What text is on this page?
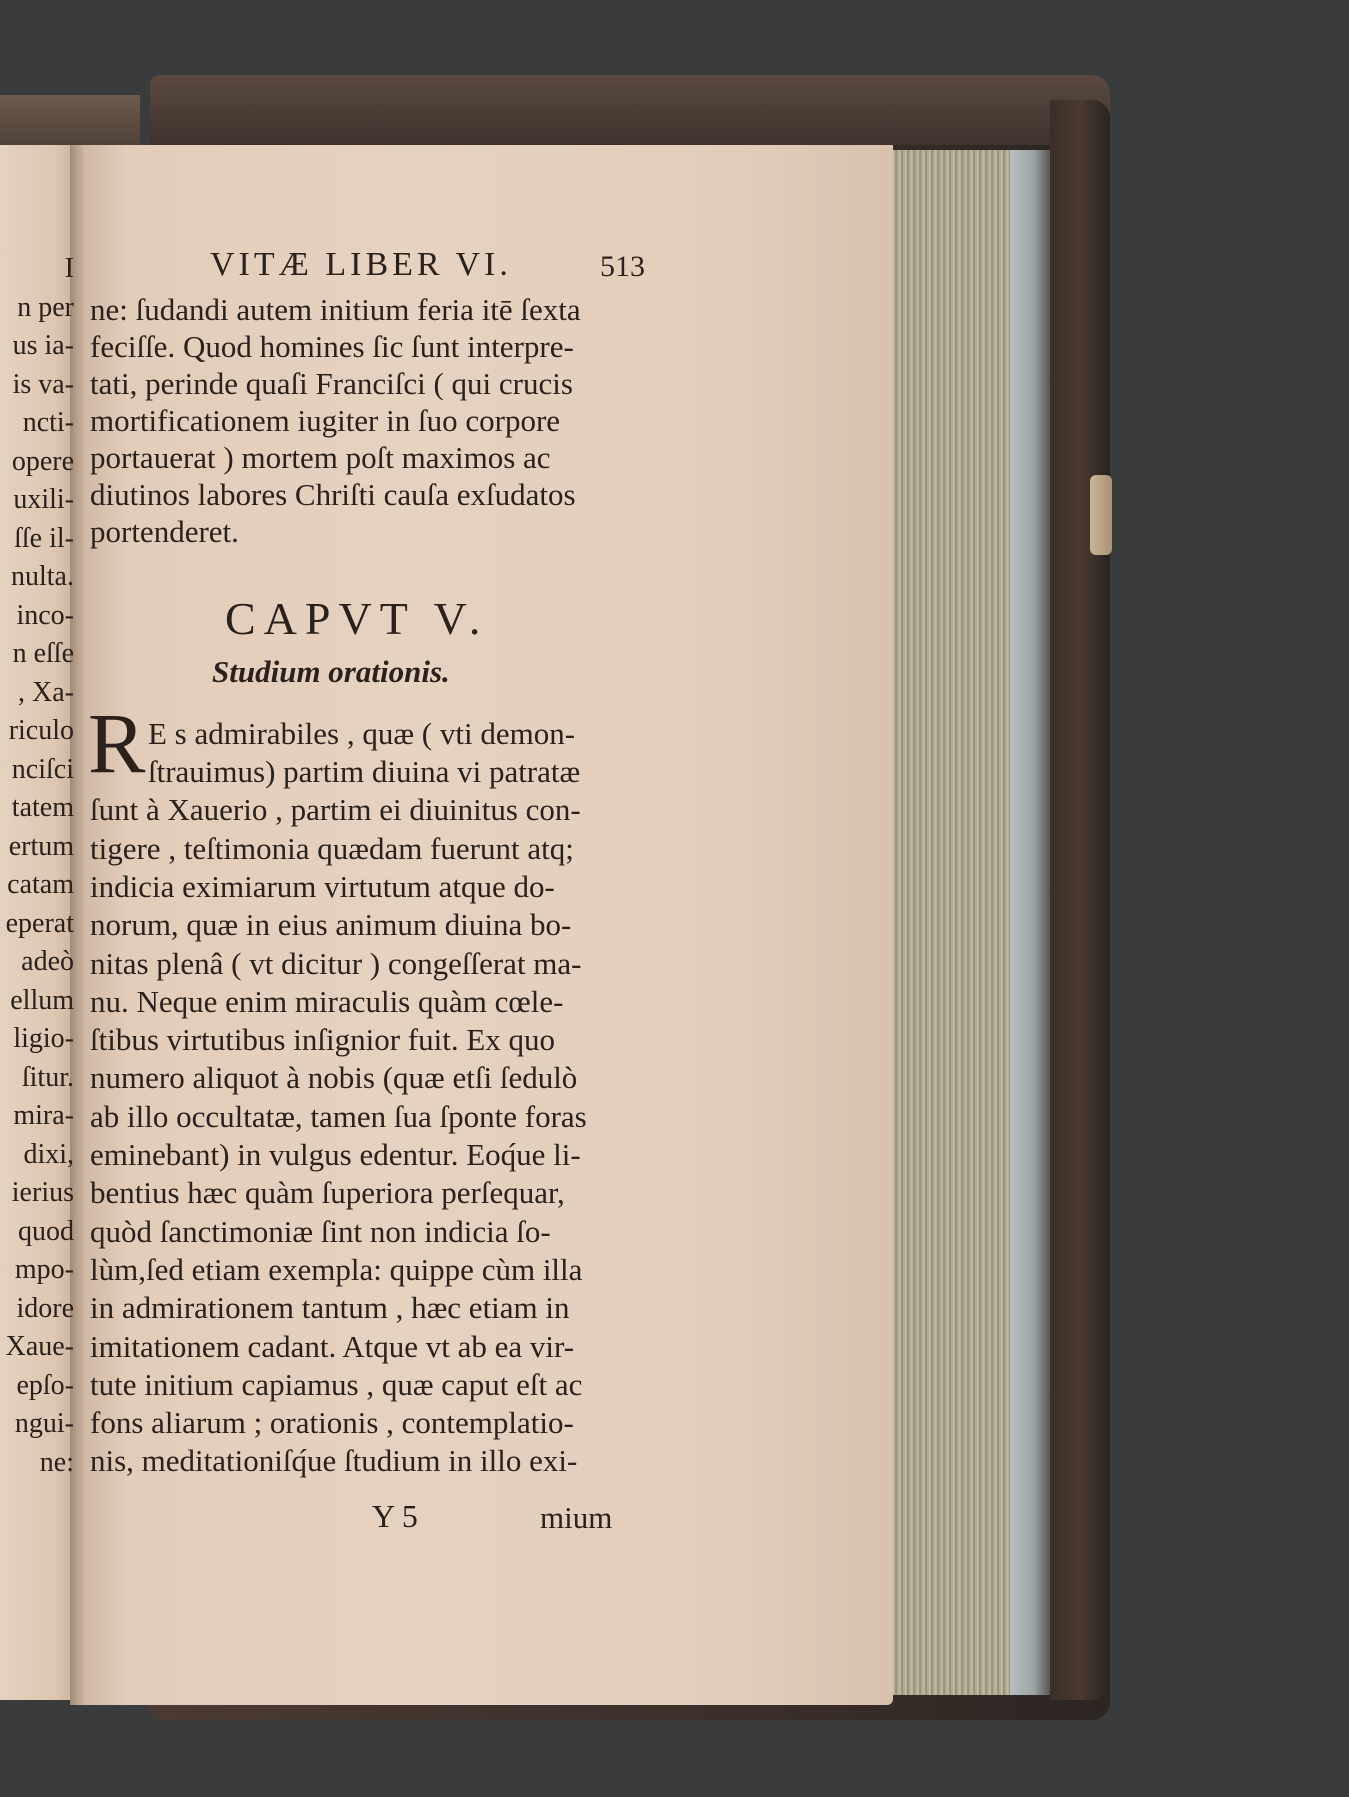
I
n per
us ia-
is va-
ncti-
opere
uxili-
ſſe il-
nulta.
inco-
n eſſe
, Xa-
riculo
nciſci
tatem
ertum
catam
eperat
adeò
ellum
ligio-
ſitur.
mira-
dixi,
ierius
quod
mpo-
idore
Xaue-
epſo-
ngui-
ne:
VITÆ LIBER VI.	513
ne: ſudandi autem initium feria itē ſexta
feciſſe. Quod homines ſic ſunt interpre-
tati, perinde quaſi Franciſci ( qui crucis
mortificationem iugiter in ſuo corpore
portauerat ) mortem poſt maximos ac
diutinos labores Chriſti cauſa exſudatos
portenderet.
CAPVT V.
Studium orationis.
R E s admirabiles , quæ ( vti demon-
ſtrauimus) partim diuina vi patratæ
ſunt à Xauerio , partim ei diuinitus con-
tigere , teſtimonia quædam fuerunt atq;
indicia eximiarum virtutum atque do-
norum, quæ in eius animum diuina bo-
nitas plenâ ( vt dicitur ) congeſſerat ma-
nu. Neque enim miraculis quàm cœle-
ſtibus virtutibus inſignior fuit. Ex quo
numero aliquot à nobis (quæ etſi ſedulò
ab illo occultatæ, tamen ſua ſponte foras
eminebant) in vulgus edentur. Eoq́ue li-
bentius hæc quàm ſuperiora perſequar,
quòd ſanctimoniæ ſint non indicia ſo-
lùm,ſed etiam exempla: quippe cùm illa
in admirationem tantum , hæc etiam in
imitationem cadant. Atque vt ab ea vir-
tute initium capiamus , quæ caput eſt ac
fons aliarum ; orationis , contemplatio-
nis, meditationiſq́ue ſtudium in illo exi-
Y 5	mium
